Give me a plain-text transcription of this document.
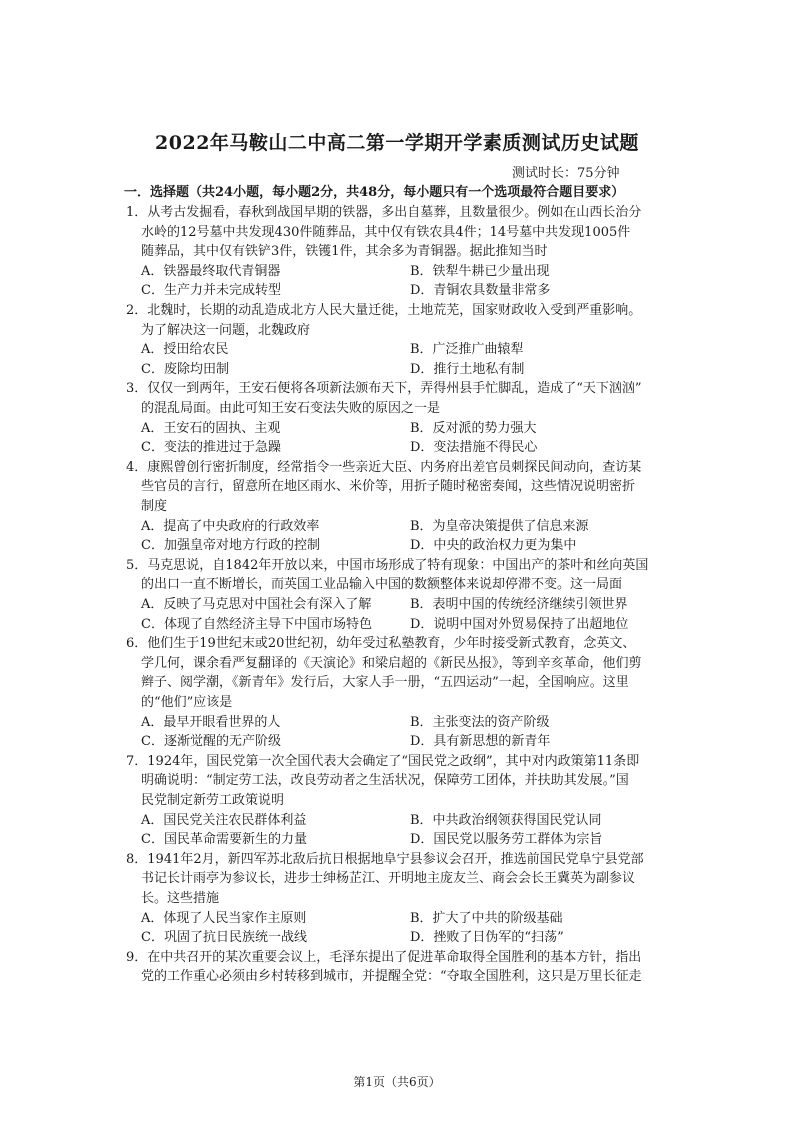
2022年马鞍山二中高二第一学期开学素质测试历史试题
测试时长：75分钟
一．选择题（共24小题，每小题2分，共48分，每小题只有一个选项最符合题目要求）
1．从考古发掘看，春秋到战国早期的铁器，多出自墓葬，且数量很少。例如在山西长治分
水岭的12号墓中共发现430件随葬品，其中仅有铁农具4件；14号墓中共发现1005件
随葬品，其中仅有铁铲3件，铁镬1件，其余多为青铜器。据此推知当时
A．铁器最终取代青铜器	B．铁犁牛耕已少量出现
C．生产力并未完成转型	D．青铜农具数量非常多
2．北魏时，长期的动乱造成北方人民大量迁徙，土地荒芜，国家财政收入受到严重影响。
为了解决这一问题，北魏政府
A．授田给农民	B．广泛推广曲辕犁
C．废除均田制	D．推行土地私有制
3．仅仅一到两年，王安石便将各项新法颁布天下，弄得州县手忙脚乱，造成了“天下汹汹”
的混乱局面。由此可知王安石变法失败的原因之一是
A．王安石的固执、主观	B．反对派的势力强大
C．变法的推进过于急躁	D．变法措施不得民心
4．康熙曾创行密折制度，经常指令一些亲近大臣、内务府出差官员刺探民间动向，查访某
些官员的言行，留意所在地区雨水、米价等，用折子随时秘密奏闻，这些情况说明密折
制度
A．提高了中央政府的行政效率	B．为皇帝决策提供了信息来源
C．加强皇帝对地方行政的控制	D．中央的政治权力更为集中
5．马克思说，自1842年开放以来，中国市场形成了特有现象：中国出产的茶叶和丝向英国
的出口一直不断增长，而英国工业品输入中国的数额整体来说却停滞不变。这一局面
A．反映了马克思对中国社会有深入了解	B．表明中国的传统经济继续引领世界
C．体现了自然经济主导下中国市场特色	D．说明中国对外贸易保持了出超地位
6．他们生于19世纪末或20世纪初，幼年受过私塾教育，少年时接受新式教育，念英文、
学几何，课余看严复翻译的《天演论》和梁启超的《新民丛报》，等到辛亥革命，他们剪
辫子、阅学潮，《新青年》发行后，大家人手一册，“五四运动”一起，全国响应。这里
的“他们”应该是
A．最早开眼看世界的人	B．主张变法的资产阶级
C．逐渐觉醒的无产阶级	D．具有新思想的新青年
7．1924年，国民党第一次全国代表大会确定了“国民党之政纲”，其中对内政策第11条即
明确说明：“制定劳工法，改良劳动者之生活状况，保障劳工团体，并扶助其发展。”国
民党制定新劳工政策说明
A．国民党关注农民群体利益	B．中共政治纲领获得国民党认同
C．国民革命需要新生的力量	D．国民党以服务劳工群体为宗旨
8．1941年2月，新四军苏北敌后抗日根据地阜宁县参议会召开，推选前国民党阜宁县党部
书记长计雨亭为参议长，进步士绅杨芷江、开明地主庞友兰、商会会长王冀英为副参议
长。这些措施
A．体现了人民当家作主原则	B．扩大了中共的阶级基础
C．巩固了抗日民族统一战线	D．挫败了日伪军的“扫荡”
9．在中共召开的某次重要会议上，毛泽东提出了促进革命取得全国胜利的基本方针，指出
党的工作重心必须由乡村转移到城市，并提醒全党：“夺取全国胜利，这只是万里长征走
第1页（共6页）
